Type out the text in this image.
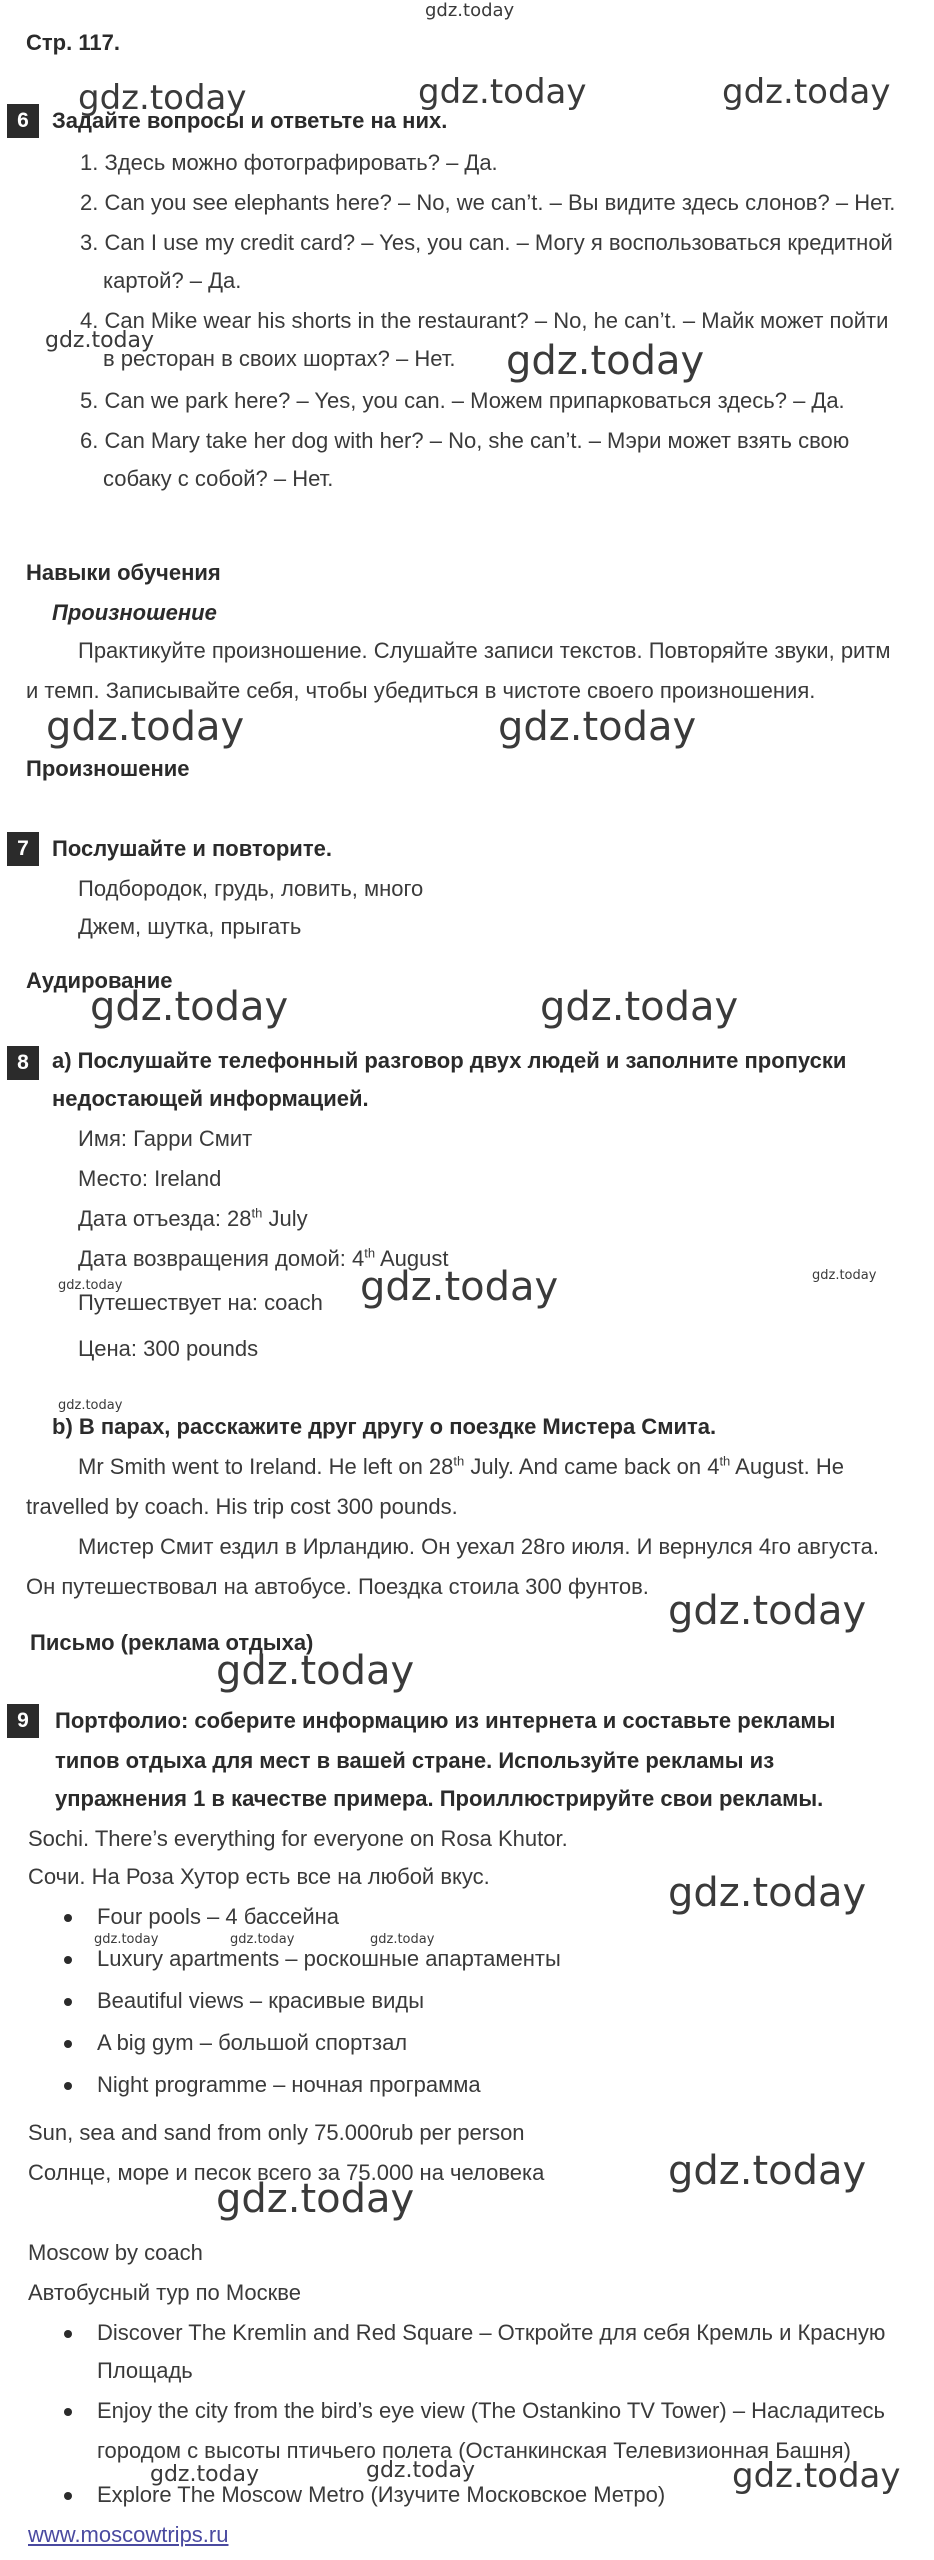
gdz.today
Стр. 117.
gdz.today	gdz.today	gdz.today
6	Задайте вопросы и ответьте на них.
1. Здесь можно фотографировать? – Да.
2. Can you see elephants here? – No, we can’t. – Вы видите здесь слонов? – Нет.
3. Can I use my credit card? – Yes, you can. – Могу я воспользоваться кредитной
картой? – Да.
4. Can Mike wear his shorts in the restaurant? – No, he can’t. – Майк может пойти
gdz.today
в ресторан в своих шортах? – Нет. gdz.today
5. Can we park here? – Yes, you can. – Можем припарковаться здесь? – Да.
6. Can Mary take her dog with her? – No, she can’t. – Мэри может взять свою
собаку с собой? – Нет.
Навыки обучения
Произношение
Практикуйте произношение. Слушайте записи текстов. Повторяйте звуки, ритм
и темп. Записывайте себя, чтобы убедиться в чистоте своего произношения.
gdz.today	gdz.today
Произношение
7	Послушайте и повторите.
Подбородок, грудь, ловить, много
Джем, шутка, прыгать
Аудирование
gdz.today	gdz.today
8	а) Послушайте телефонный разговор двух людей и заполните пропуски
недостающей информацией.
Имя: Гарри Смит
Место: Ireland
Дата отъезда: 28th July
Дата возвращения домой: 4th August
gdz.today
gdz.today
Путешествует на: coach gdz.today
Цена: 300 pounds
gdz.today
b) В парах, расскажите друг другу о поездке Мистера Смита.
Mr Smith went to Ireland. He left on 28th July. And came back on 4th August. He
travelled by coach. His trip cost 300 pounds.
Мистер Смит ездил в Ирландию. Он уехал 28го июля. И вернулся 4го августа.
Он путешествовал на автобусе. Поездка стоила 300 фунтов.
gdz.today
Письмо (реклама отдыха)
gdz.today
9	Портфолио: соберите информацию из интернета и составьте рекламы
типов отдыха для мест в вашей стране. Используйте рекламы из
упражнения 1 в качестве примера. Проиллюстрируйте свои рекламы.
Sochi. There’s everything for everyone on Rosa Khutor.
Сочи. На Роза Хутор есть все на любой вкус.	gdz.today
Four pools – 4 бассейна
gdz.today	gdz.today	gdz.today
Luxury apartments – роскошные апартаменты
Beautiful views – красивые виды
A big gym – большой спортзал
Night programme – ночная программа
Sun, sea and sand from only 75.000rub per person
Солнце, море и песок всего за 75.000 на человека	gdz.today
gdz.today
Moscow by coach
Автобусный тур по Москве
Discover The Kremlin and Red Square – Откройте для себя Кремль и Красную
Площадь
Enjoy the city from the bird’s eye view (The Ostankino TV Tower) – Насладитесь
городом с высоты птичьего полета (Останкинская Телевизионная Башня)
gdz.today	gdz.today	gdz.today
Explore The Moscow Metro (Изучите Московское Метро)
www.moscowtrips.ru
